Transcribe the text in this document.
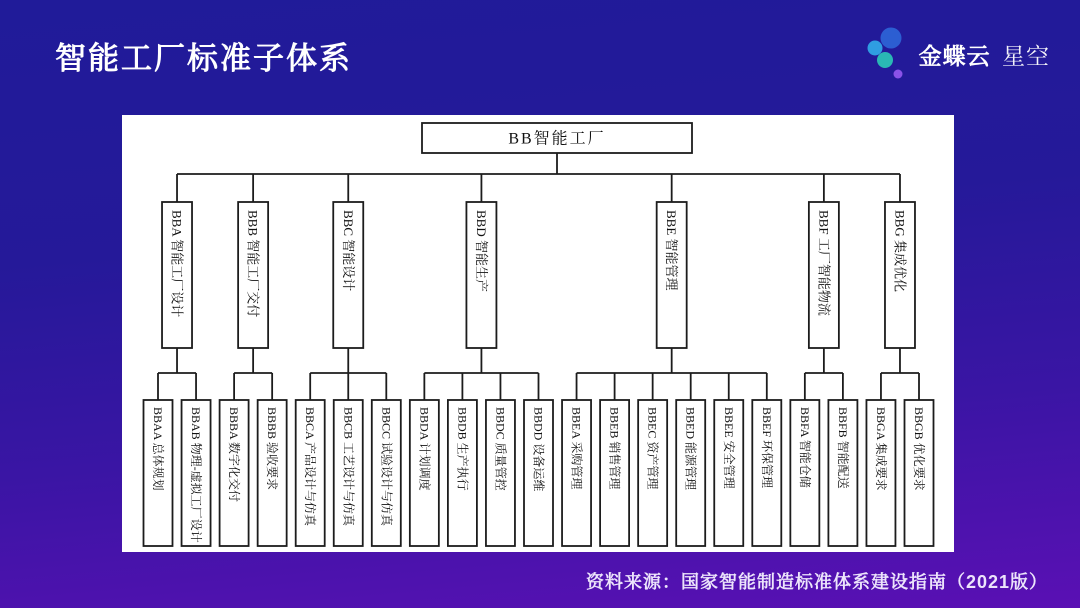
智能工厂标准子体系	金蝶云 星空
BB智能工厂
BBA 智能工厂设计
BBAA 总体规划 BBAB 物理-虚拟工厂设计
BBB 智能工厂交付
BBBA 数字化交付 BBBB 验收要求
BBC 智能设计
BBCA 产品设计与仿真 BBCB 工艺设计与仿真 BBCC 试验设计与仿真
BBD 智能生产
BBDA 计划调度 BBDB 生产执行 BBDC 质量管控 BBDD 设备运维
BBE 智能管理
BBEA 采购管理 BBEB 销售管理 BBEC 资产管理 BBED 能源管理 BBEE 安全管理 BBEF 环保管理
BBF 工厂智能物流
BBFA 智能仓储 BBFB 智能配送
BBG 集成优化
BBGA 集成要求 BBGB 优化要求
资料来源：国家智能制造标准体系建设指南（2021版）
